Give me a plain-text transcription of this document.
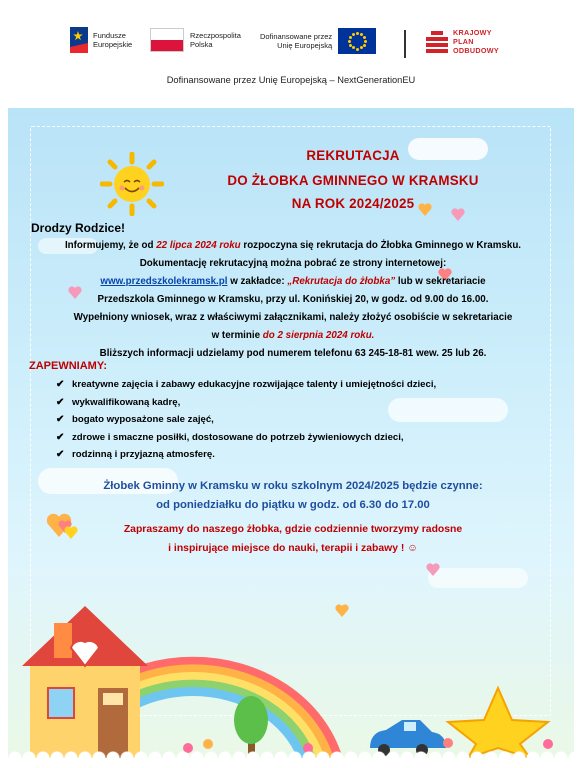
Fundusze
Europejskie
Rzeczpospolita
Polska
Dofinansowane przez
Unię Europejską
KRAJOWY
PLAN
ODBUDOWY
Dofinansowane przez Unię Europejską – NextGenerationEU
REKRUTACJA
DO ŻŁOBKA GMINNEGO W KRAMSKU
NA ROK 2024/2025
Drodzy Rodzice!
Informujemy, że od 22 lipca 2024 roku rozpoczyna się rekrutacja do Żłobka Gminnego w Kramsku.
Dokumentację rekrutacyjną można pobrać ze strony internetowej:
www.przedszkolekramsk.pl w zakładce: „Rekrutacja do żłobka” lub w sekretariacie
Przedszkola Gminnego w Kramsku, przy ul. Konińskiej 20, w godz. od 9.00 do 16.00.
Wypełniony wniosek, wraz z właściwymi załącznikami, należy złożyć osobiście w sekretariacie
w terminie do 2 sierpnia 2024 roku.
Bliższych informacji udzielamy pod numerem telefonu 63 245-18-81 wew. 25 lub 26.
ZAPEWNIAMY:
✔ kreatywne zajęcia i zabawy edukacyjne rozwijające talenty i umiejętności dzieci,
✔ wykwalifikowaną kadrę,
✔ bogato wyposażone sale zajęć,
✔ zdrowe i smaczne posiłki, dostosowane do potrzeb żywieniowych dzieci,
✔ rodzinną i przyjazną atmosferę.
Żłobek Gminny w Kramsku w roku szkolnym 2024/2025 będzie czynne:
od poniedziałku do piątku w godz. od 6.30 do 17.00
Zapraszamy do naszego żłobka, gdzie codziennie tworzymy radosne
i inspirujące miejsce do nauki, terapii i zabawy ! ☺
